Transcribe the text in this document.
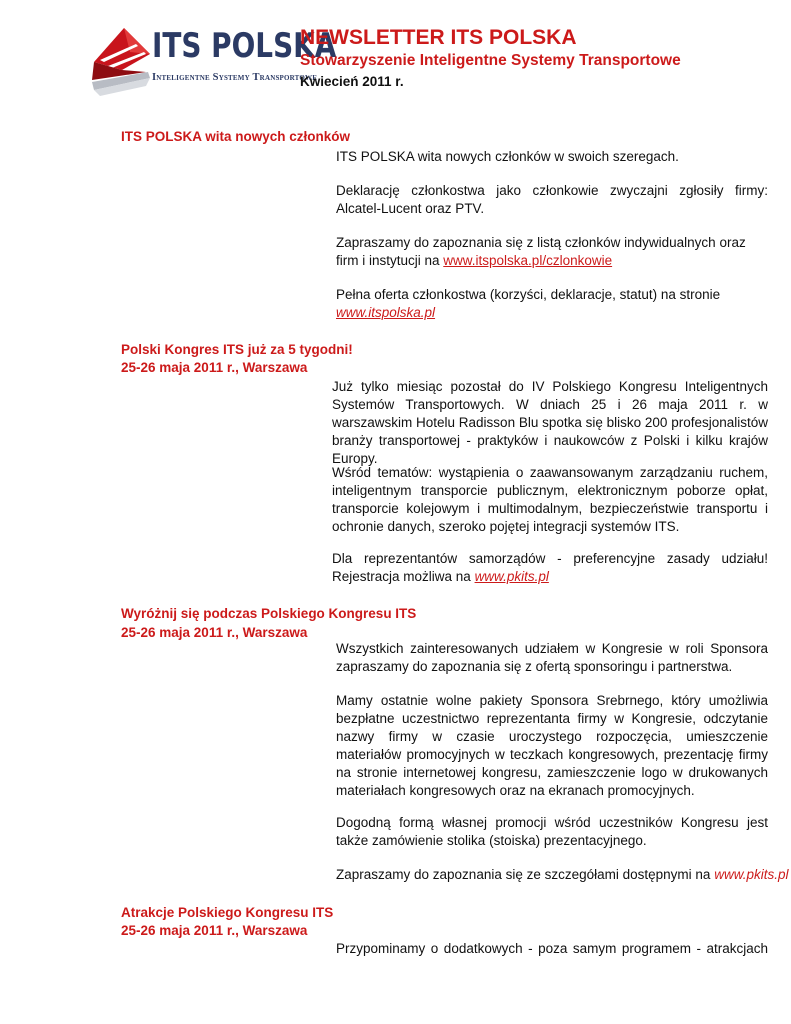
ITS POLSKA
Inteligentne Systemy Transportowe
NEWSLETTER ITS POLSKA
Stowarzyszenie Inteligentne Systemy Transportowe
Kwiecień 2011 r.
ITS POLSKA wita nowych członków
ITS POLSKA wita nowych członków w swoich szeregach.
Deklarację członkostwa jako członkowie zwyczajni zgłosiły firmy: Alcatel-Lucent oraz PTV.
Zapraszamy do zapoznania się z listą członków indywidualnych oraz firm i instytucji na www.itspolska.pl/czlonkowie
Pełna oferta członkostwa (korzyści, deklaracje, statut) na stronie
www.itspolska.pl
Polski Kongres ITS już za 5 tygodni!
25-26 maja 2011 r., Warszawa
Już tylko miesiąc pozostał do IV Polskiego Kongresu Inteligentnych Systemów Transportowych. W dniach 25 i 26 maja 2011 r. w warszawskim Hotelu Radisson Blu spotka się blisko 200 profesjonalistów branży transportowej - praktyków i naukowców z Polski i kilku krajów Europy.
Wśród tematów: wystąpienia o zaawansowanym zarządzaniu ruchem, inteligentnym transporcie publicznym, elektronicznym poborze opłat, transporcie kolejowym i multimodalnym, bezpieczeństwie transportu i ochronie danych, szeroko pojętej integracji systemów ITS.
Dla reprezentantów samorządów - preferencyjne zasady udziału! Rejestracja możliwa na www.pkits.pl
Wyróżnij się podczas Polskiego Kongresu ITS
25-26 maja 2011 r., Warszawa
Wszystkich zainteresowanych udziałem w Kongresie w roli Sponsora zapraszamy do zapoznania się z ofertą sponsoringu i partnerstwa.
Mamy ostatnie wolne pakiety Sponsora Srebrnego, który umożliwia bezpłatne uczestnictwo reprezentanta firmy w Kongresie, odczytanie nazwy firmy w czasie uroczystego rozpoczęcia, umieszczenie materiałów promocyjnych w teczkach kongresowych, prezentację firmy na stronie internetowej kongresu, zamieszczenie logo w drukowanych materiałach kongresowych oraz na ekranach promocyjnych.
Dogodną formą własnej promocji wśród uczestników Kongresu jest także zamówienie stolika (stoiska) prezentacyjnego.
Zapraszamy do zapoznania się ze szczegółami dostępnymi na www.pkits.pl
Atrakcje Polskiego Kongresu ITS
25-26 maja 2011 r., Warszawa
Przypominamy o dodatkowych - poza samym programem - atrakcjach
